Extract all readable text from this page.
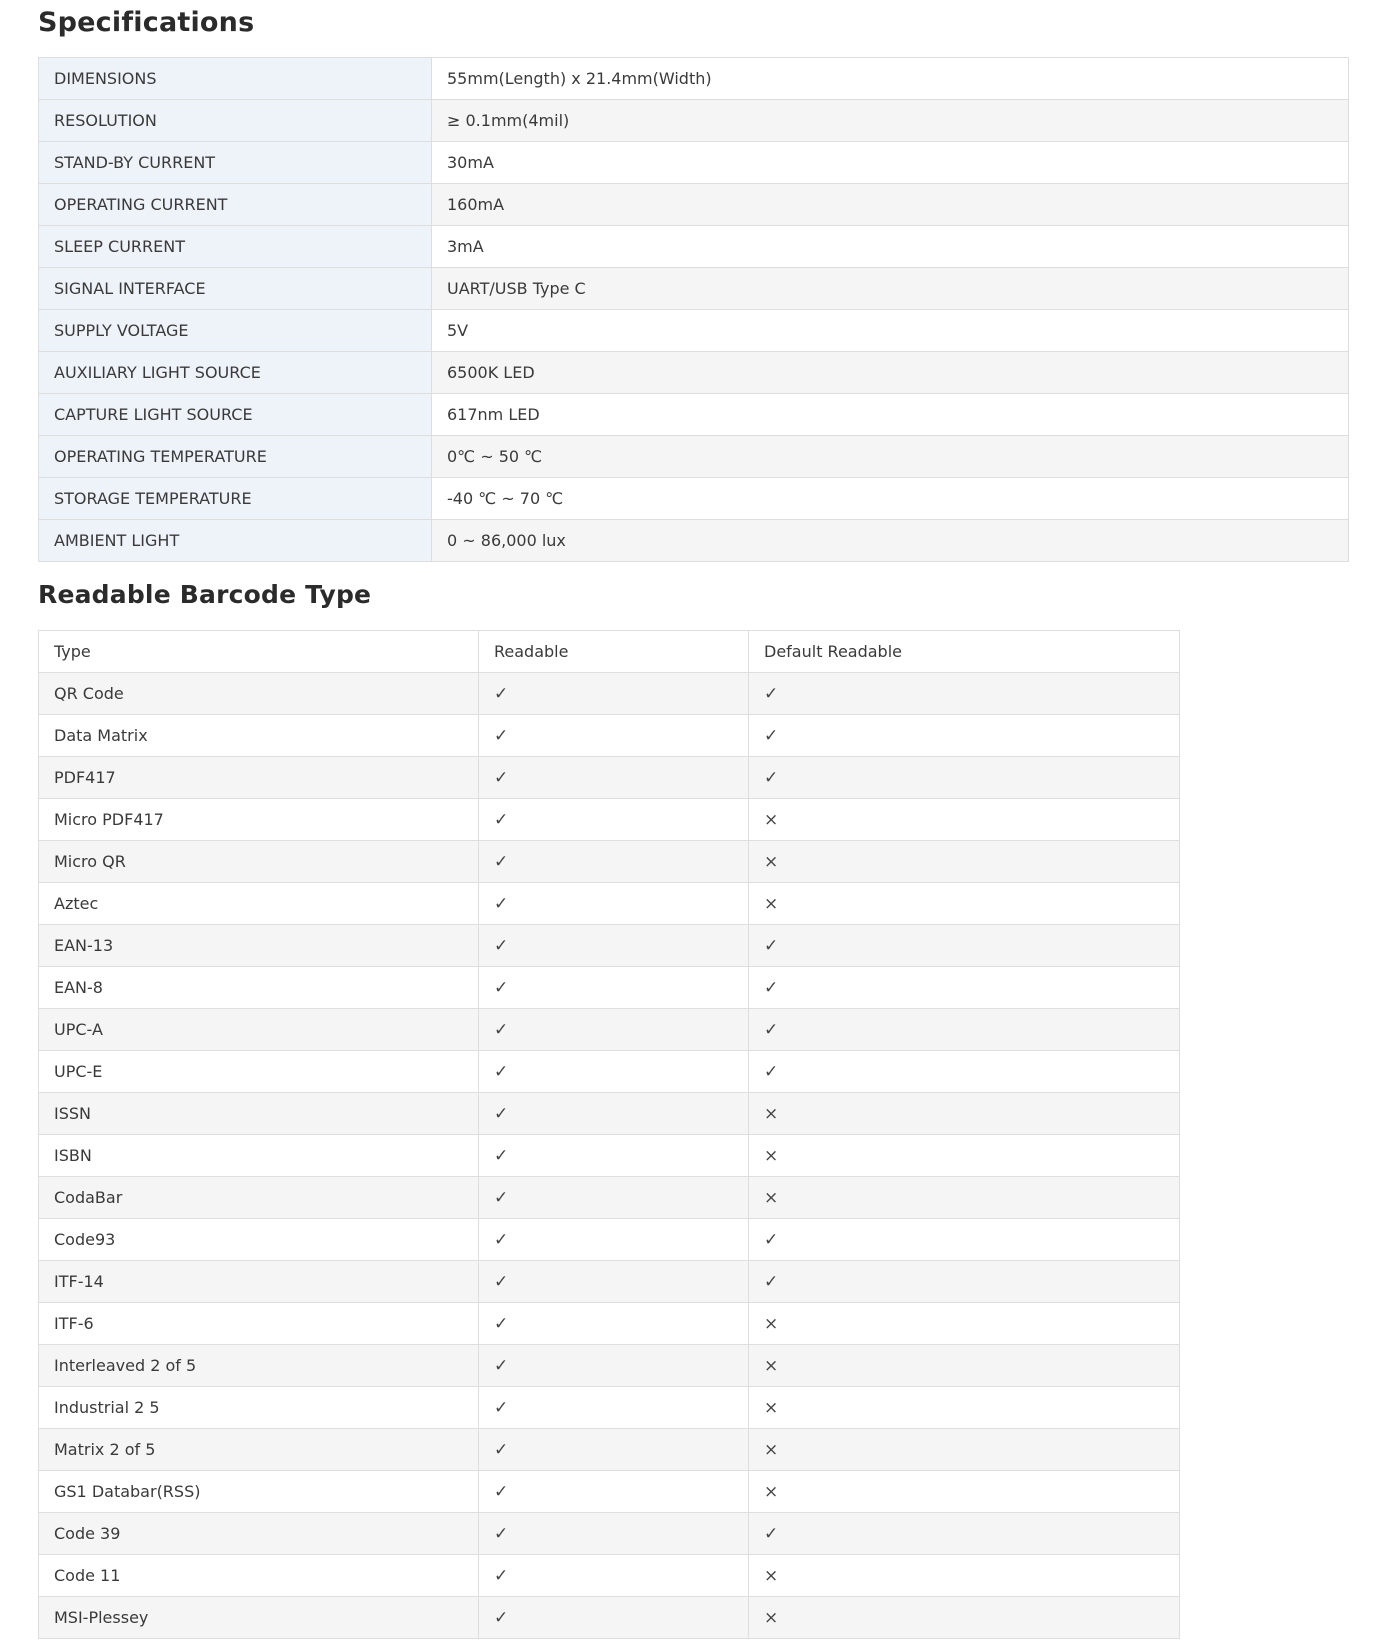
Specifications
DIMENSIONS	55mm(Length) x 21.4mm(Width)
RESOLUTION	≥ 0.1mm(4mil)
STAND-BY CURRENT	30mA
OPERATING CURRENT	160mA
SLEEP CURRENT	3mA
SIGNAL INTERFACE	UART/USB Type C
SUPPLY VOLTAGE	5V
AUXILIARY LIGHT SOURCE	6500K LED
CAPTURE LIGHT SOURCE	617nm LED
OPERATING TEMPERATURE	0℃ ~ 50 ℃
STORAGE TEMPERATURE	-40 ℃ ~ 70 ℃
AMBIENT LIGHT	0 ~ 86,000 lux
Readable Barcode Type
Type	Readable	Default Readable
QR Code	✓	✓
Data Matrix	✓	✓
PDF417	✓	✓
Micro PDF417	✓	×
Micro QR	✓	×
Aztec	✓	×
EAN-13	✓	✓
EAN-8	✓	✓
UPC-A	✓	✓
UPC-E	✓	✓
ISSN	✓	×
ISBN	✓	×
CodaBar	✓	×
Code93	✓	✓
ITF-14	✓	✓
ITF-6	✓	×
Interleaved 2 of 5	✓	×
Industrial 2 5	✓	×
Matrix 2 of 5	✓	×
GS1 Databar(RSS)	✓	×
Code 39	✓	✓
Code 11	✓	×
MSI-Plessey	✓	×
